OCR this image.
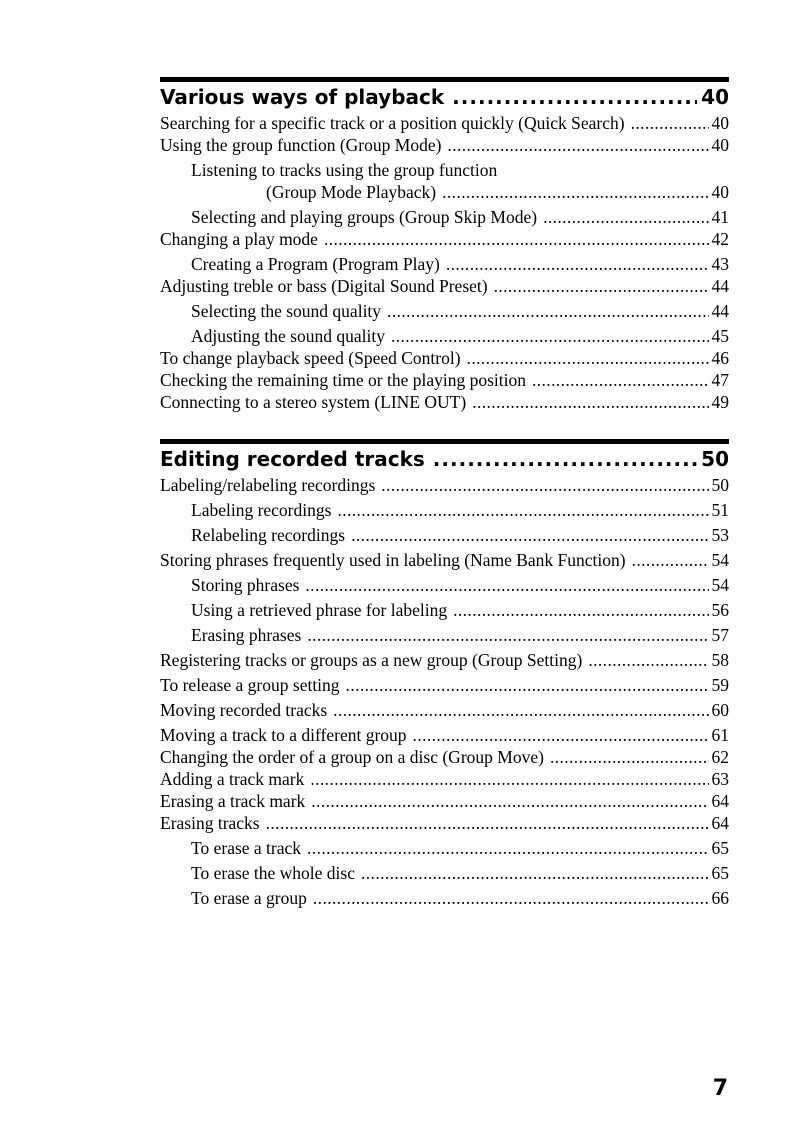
Various ways of playback .....	40
Searching for a specific track or a position quickly (Quick Search) .....	40
Using the group function (Group Mode) .....	40
Listening to tracks using the group function
(Group Mode Playback) .....	40
Selecting and playing groups (Group Skip Mode) .....	41
Changing a play mode .....	42
Creating a Program (Program Play) .....	43
Adjusting treble or bass (Digital Sound Preset) .....	44
Selecting the sound quality .....	44
Adjusting the sound quality .....	45
To change playback speed (Speed Control) .....	46
Checking the remaining time or the playing position .....	47
Connecting to a stereo system (LINE OUT) .....	49
Editing recorded tracks .....	50
Labeling/relabeling recordings .....	50
Labeling recordings .....	51
Relabeling recordings .....	53
Storing phrases frequently used in labeling (Name Bank Function) .....	54
Storing phrases .....	54
Using a retrieved phrase for labeling .....	56
Erasing phrases .....	57
Registering tracks or groups as a new group (Group Setting) .....	58
To release a group setting .....	59
Moving recorded tracks .....	60
Moving a track to a different group .....	61
Changing the order of a group on a disc (Group Move) .....	62
Adding a track mark .....	63
Erasing a track mark .....	64
Erasing tracks .....	64
To erase a track .....	65
To erase the whole disc .....	65
To erase a group .....	66
7
